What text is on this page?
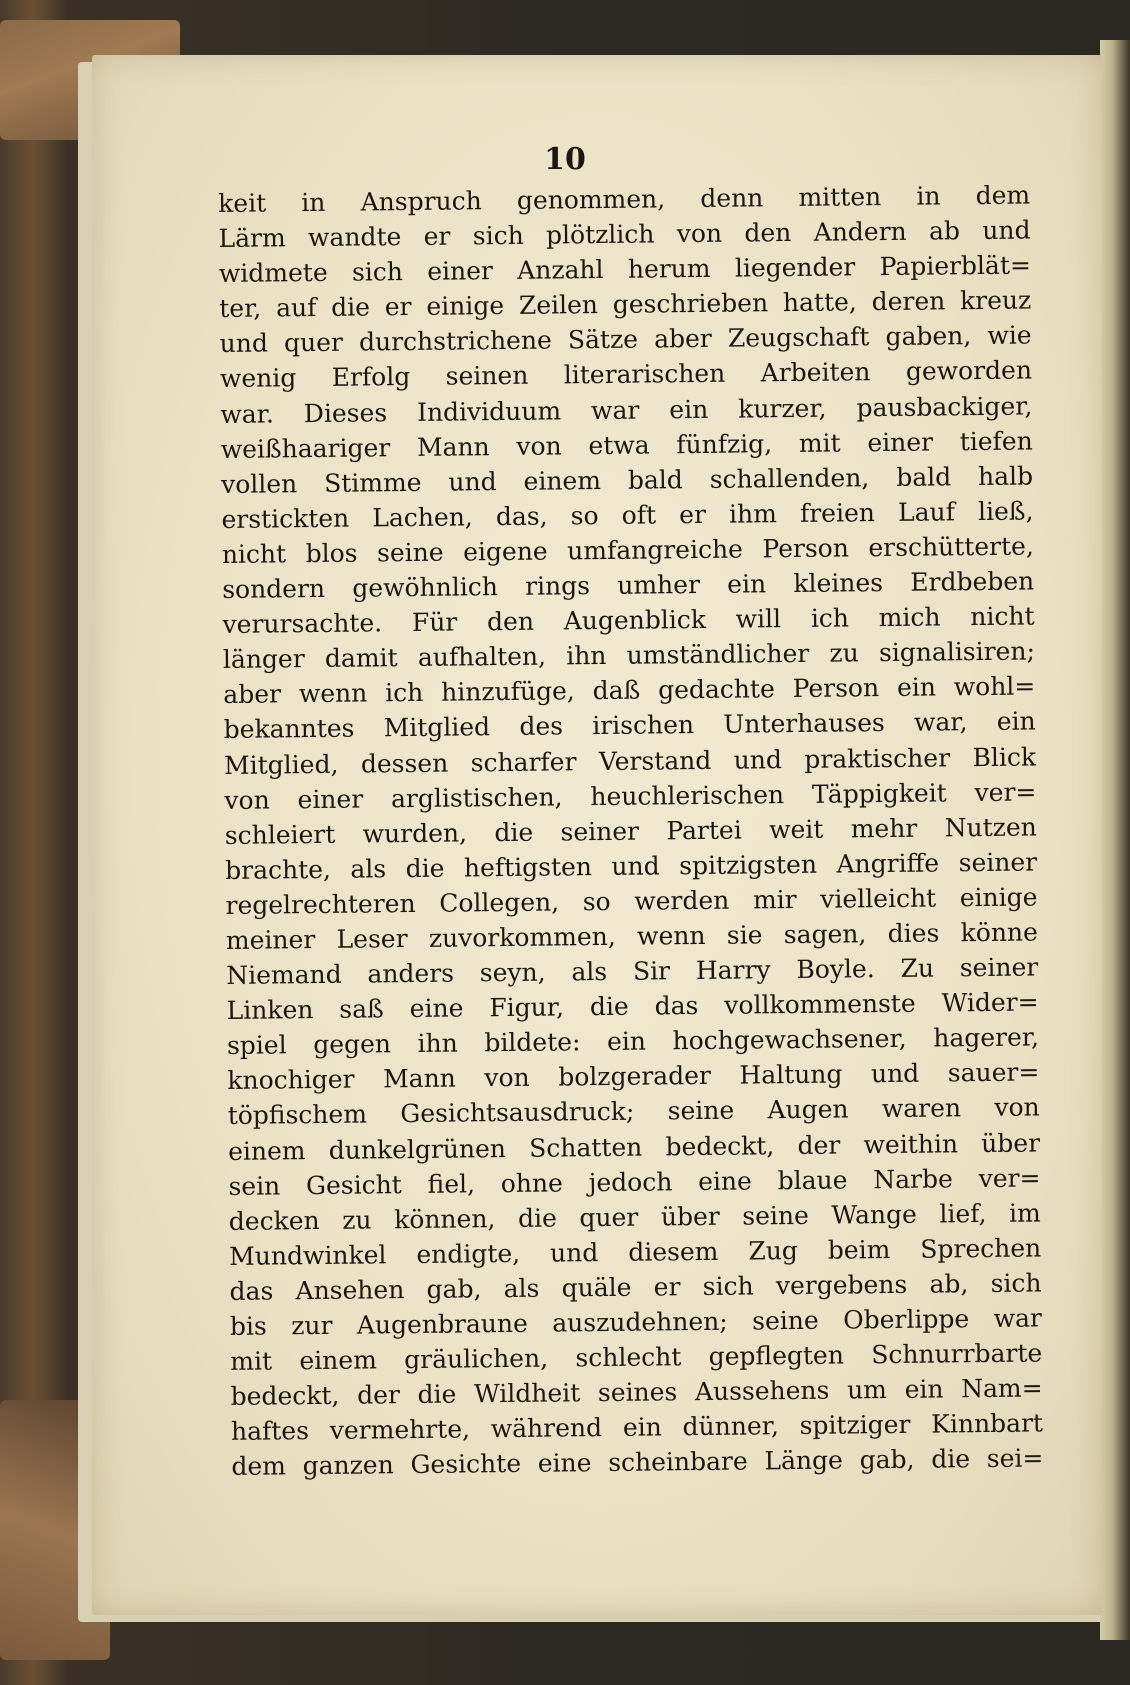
10
keit in Anspruch genommen, denn mitten in dem
Lärm wandte er sich plötzlich von den Andern ab und
widmete sich einer Anzahl herum liegender Papierblät=
ter, auf die er einige Zeilen geschrieben hatte, deren kreuz
und quer durchstrichene Sätze aber Zeugschaft gaben, wie
wenig Erfolg seinen literarischen Arbeiten geworden
war. Dieses Individuum war ein kurzer, pausbackiger,
weißhaariger Mann von etwa fünfzig, mit einer tiefen
vollen Stimme und einem bald schallenden, bald halb
erstickten Lachen, das, so oft er ihm freien Lauf ließ,
nicht blos seine eigene umfangreiche Person erschütterte,
sondern gewöhnlich rings umher ein kleines Erdbeben
verursachte. Für den Augenblick will ich mich nicht
länger damit aufhalten, ihn umständlicher zu signalisiren;
aber wenn ich hinzufüge, daß gedachte Person ein wohl=
bekanntes Mitglied des irischen Unterhauses war, ein
Mitglied, dessen scharfer Verstand und praktischer Blick
von einer arglistischen, heuchlerischen Täppigkeit ver=
schleiert wurden, die seiner Partei weit mehr Nutzen
brachte, als die heftigsten und spitzigsten Angriffe seiner
regelrechteren Collegen, so werden mir vielleicht einige
meiner Leser zuvorkommen, wenn sie sagen, dies könne
Niemand anders seyn, als Sir Harry Boyle. Zu seiner
Linken saß eine Figur, die das vollkommenste Wider=
spiel gegen ihn bildete: ein hochgewachsener, hagerer,
knochiger Mann von bolzgerader Haltung und sauer=
töpfischem Gesichtsausdruck; seine Augen waren von
einem dunkelgrünen Schatten bedeckt, der weithin über
sein Gesicht fiel, ohne jedoch eine blaue Narbe ver=
decken zu können, die quer über seine Wange lief, im
Mundwinkel endigte, und diesem Zug beim Sprechen
das Ansehen gab, als quäle er sich vergebens ab, sich
bis zur Augenbraune auszudehnen; seine Oberlippe war
mit einem gräulichen, schlecht gepflegten Schnurrbarte
bedeckt, der die Wildheit seines Aussehens um ein Nam=
haftes vermehrte, während ein dünner, spitziger Kinnbart
dem ganzen Gesichte eine scheinbare Länge gab, die sei=
